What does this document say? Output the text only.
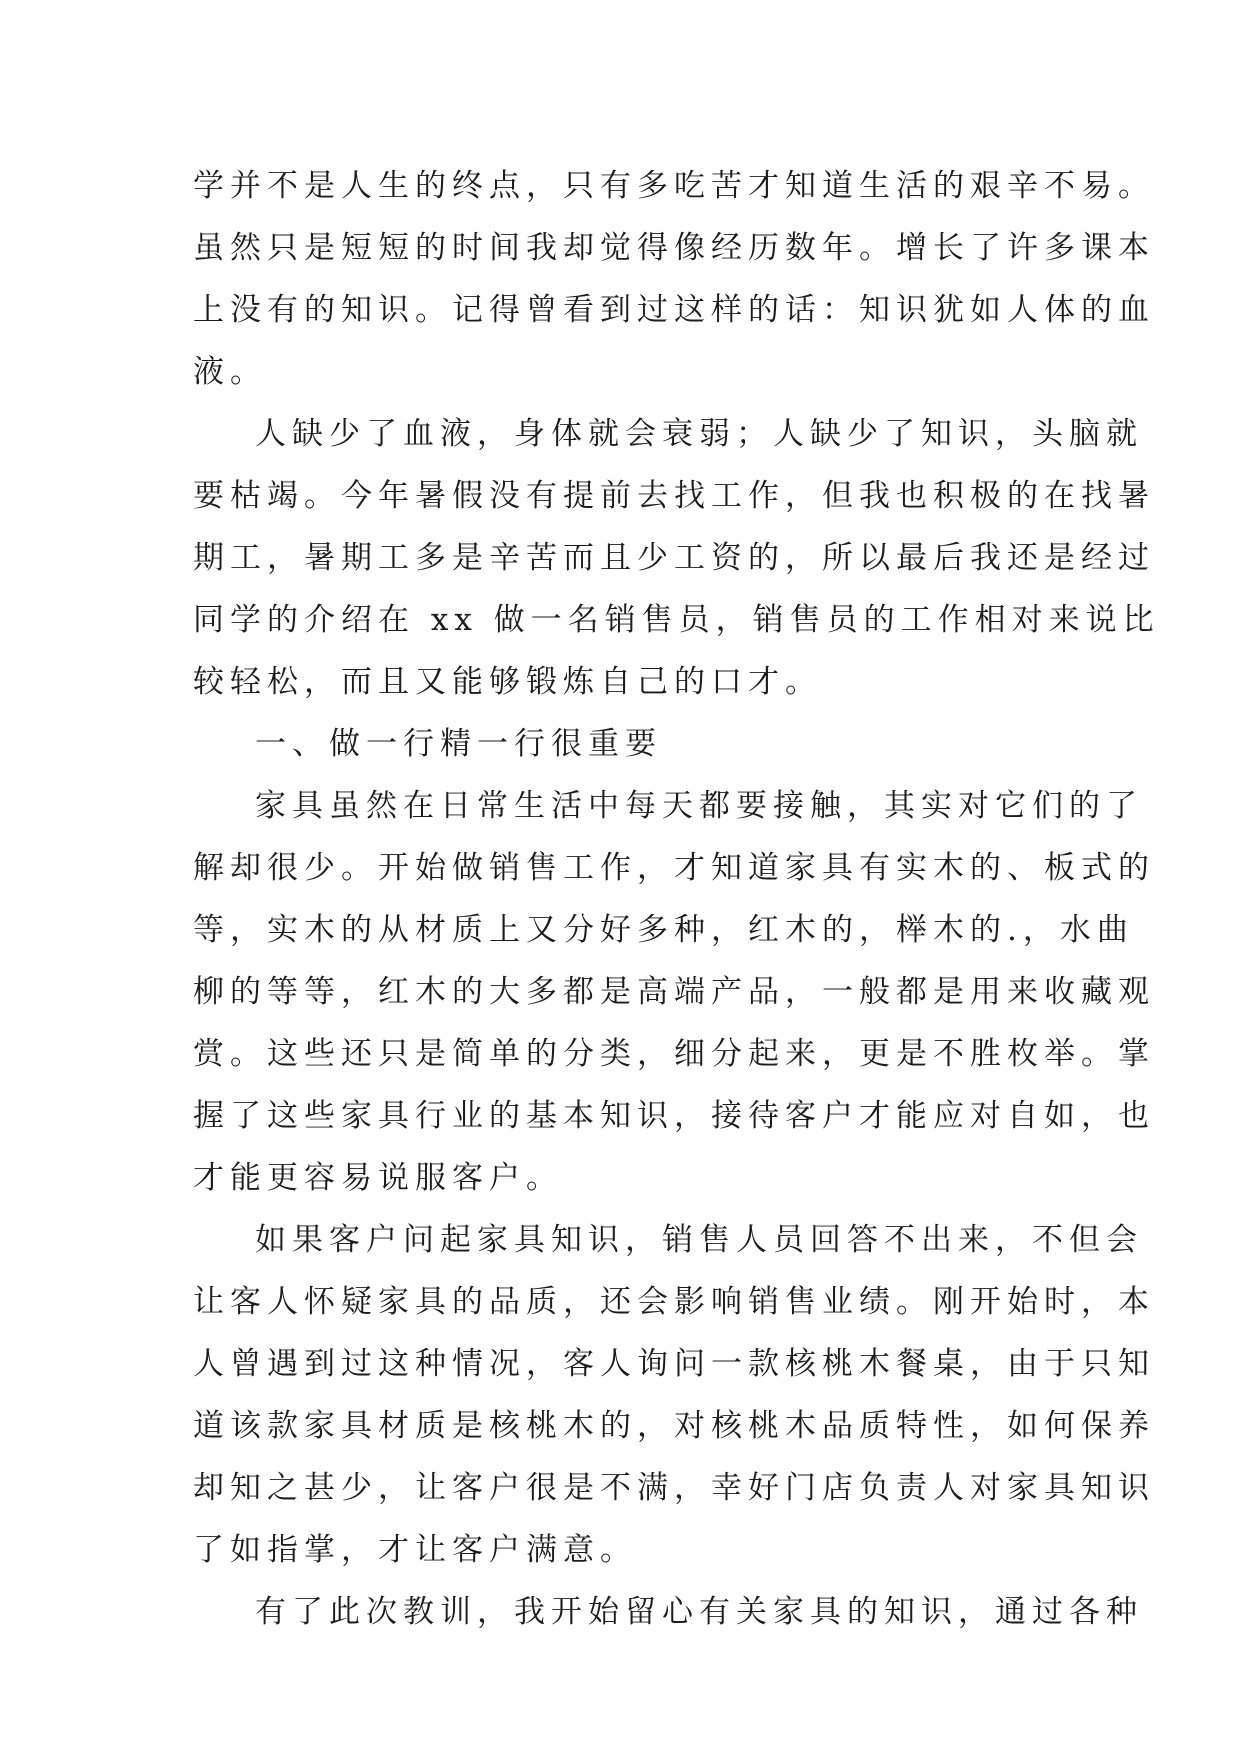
学并不是人生的终点，只有多吃苦才知道生活的艰辛不易。
虽然只是短短的时间我却觉得像经历数年。增长了许多课本
上没有的知识。记得曾看到过这样的话：知识犹如人体的血
液。
人缺少了血液，身体就会衰弱；人缺少了知识，头脑就
要枯竭。今年暑假没有提前去找工作，但我也积极的在找暑
期工，暑期工多是辛苦而且少工资的，所以最后我还是经过
同学的介绍在 xx 做一名销售员，销售员的工作相对来说比
较轻松，而且又能够锻炼自己的口才。
一、做一行精一行很重要
家具虽然在日常生活中每天都要接触，其实对它们的了
解却很少。开始做销售工作，才知道家具有实木的、板式的
等，实木的从材质上又分好多种，红木的，榉木的.，水曲
柳的等等，红木的大多都是高端产品，一般都是用来收藏观
赏。这些还只是简单的分类，细分起来，更是不胜枚举。掌
握了这些家具行业的基本知识，接待客户才能应对自如，也
才能更容易说服客户。
如果客户问起家具知识，销售人员回答不出来，不但会
让客人怀疑家具的品质，还会影响销售业绩。刚开始时，本
人曾遇到过这种情况，客人询问一款核桃木餐桌，由于只知
道该款家具材质是核桃木的，对核桃木品质特性，如何保养
却知之甚少，让客户很是不满，幸好门店负责人对家具知识
了如指掌，才让客户满意。
有了此次教训，我开始留心有关家具的知识，通过各种
